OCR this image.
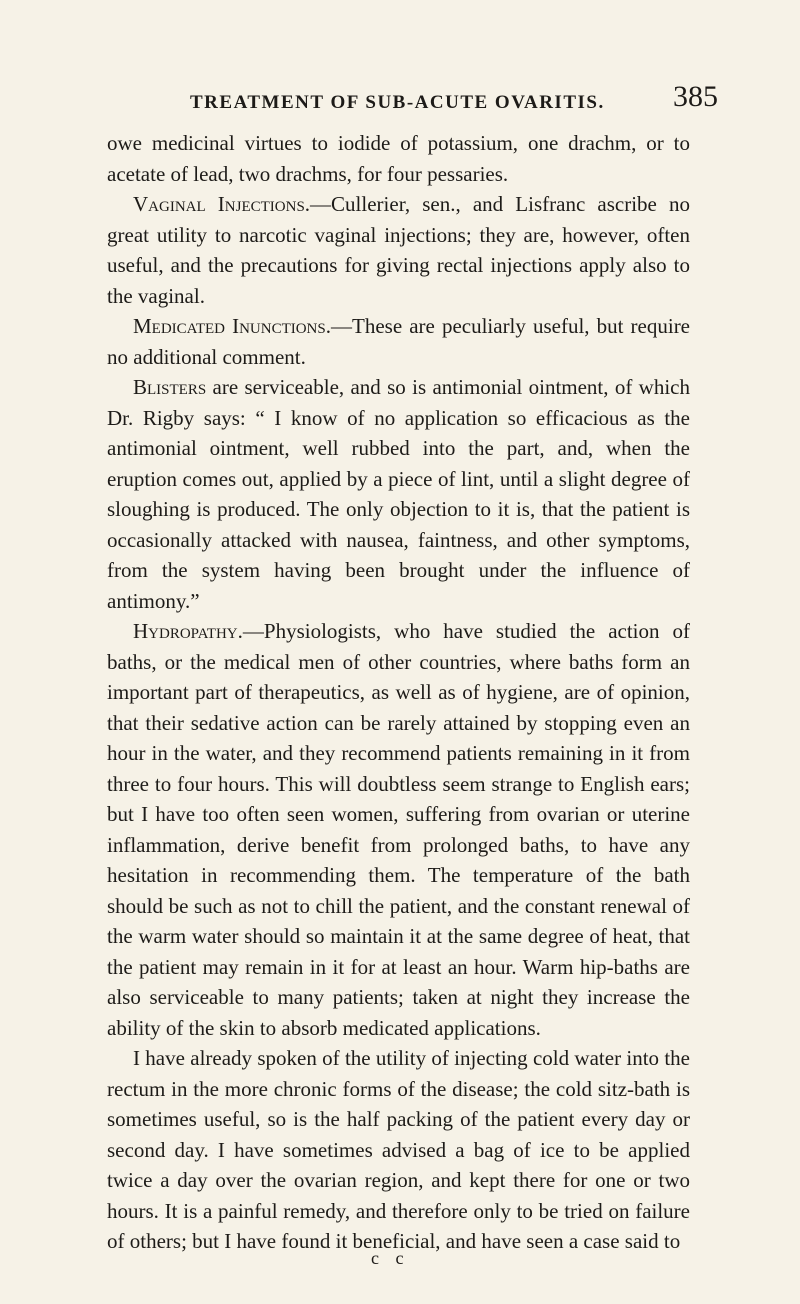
TREATMENT OF SUB-ACUTE OVARITIS.	385

owe medicinal virtues to iodide of potassium, one drachm, or to acetate of lead, two drachms, for four pessaries.

Vaginal Injections.—Cullerier, sen., and Lisfranc ascribe no great utility to narcotic vaginal injections; they are, however, often useful, and the precautions for giving rectal injections apply also to the vaginal.

Medicated Inunctions.—These are peculiarly useful, but require no additional comment.

Blisters are serviceable, and so is antimonial ointment, of which Dr. Rigby says: “ I know of no application so efficacious as the antimonial ointment, well rubbed into the part, and, when the eruption comes out, applied by a piece of lint, until a slight degree of sloughing is produced. The only objection to it is, that the patient is occasionally attacked with nausea, faintness, and other symptoms, from the system having been brought under the influence of antimony.”

Hydropathy.—Physiologists, who have studied the action of baths, or the medical men of other countries, where baths form an important part of therapeutics, as well as of hygiene, are of opinion, that their sedative action can be rarely attained by stopping even an hour in the water, and they recommend patients remaining in it from three to four hours. This will doubtless seem strange to English ears; but I have too often seen women, suffering from ovarian or uterine inflammation, derive benefit from prolonged baths, to have any hesitation in recommending them. The temperature of the bath should be such as not to chill the patient, and the constant renewal of the warm water should so maintain it at the same degree of heat, that the patient may remain in it for at least an hour. Warm hip-baths are also serviceable to many patients; taken at night they increase the ability of the skin to absorb medicated applications.

I have already spoken of the utility of injecting cold water into the rectum in the more chronic forms of the disease; the cold sitz-bath is sometimes useful, so is the half packing of the patient every day or second day. I have sometimes advised a bag of ice to be applied twice a day over the ovarian region, and kept there for one or two hours. It is a painful remedy, and therefore only to be tried on failure of others; but I have found it beneficial, and have seen a case said to

c c
